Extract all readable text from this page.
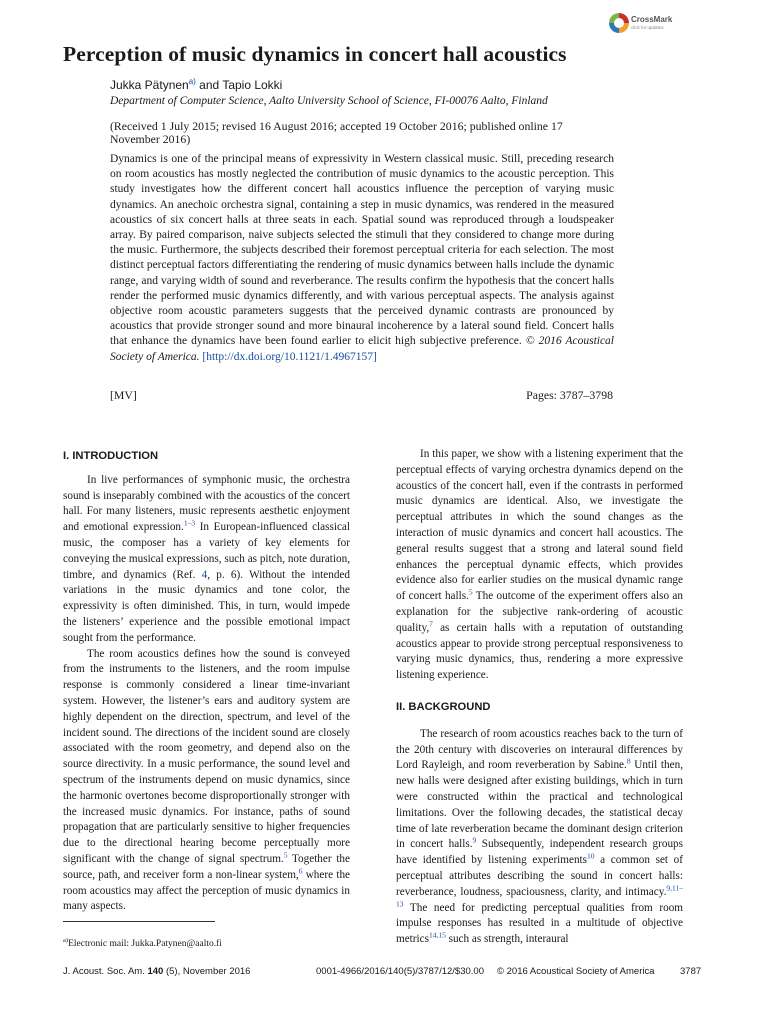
CrossMark
click for updates
Perception of music dynamics in concert hall acoustics
Jukka Pätynen$^{a)}$ and Tapio Lokki
Department of Computer Science, Aalto University School of Science, FI-00076 Aalto, Finland
(Received 1 July 2015; revised 16 August 2016; accepted 19 October 2016; published online 17 November 2016)
Dynamics is one of the principal means of expressivity in Western classical music. Still, preceding research on room acoustics has mostly neglected the contribution of music dynamics to the acoustic perception. This study investigates how the different concert hall acoustics influence the perception of varying music dynamics. An anechoic orchestra signal, containing a step in music dynamics, was rendered in the measured acoustics of six concert halls at three seats in each. Spatial sound was reproduced through a loudspeaker array. By paired comparison, naive subjects selected the stimuli that they considered to change more during the music. Furthermore, the subjects described their foremost perceptual criteria for each selection. The most distinct perceptual factors differentiating the rendering of music dynamics between halls include the dynamic range, and varying width of sound and reverberance. The results confirm the hypothesis that the concert halls render the performed music dynamics differently, and with various perceptual aspects. The analysis against objective room acoustic parameters suggests that the perceived dynamic contrasts are pronounced by acoustics that provide stronger sound and more binaural incoherence by a lateral sound field. Concert halls that enhance the dynamics have been found earlier to elicit high subjective preference. © 2016 Acoustical Society of America. [http://dx.doi.org/10.1121/1.4967157]
[MV]	Pages: 3787–3798
I. INTRODUCTION

In live performances of symphonic music, the orchestra sound is inseparably combined with the acoustics of the concert hall. For many listeners, music represents aesthetic enjoyment and emotional expression.$^{1-3}$ In European-influenced classical music, the composer has a variety of key elements for conveying the musical expressions, such as pitch, note duration, timbre, and dynamics (Ref. 4, p. 6). Without the intended variations in the music dynamics and tone color, the expressivity is often diminished. This, in turn, would impede the listeners’ experience and the possible emotional impact sought from the performance.

The room acoustics defines how the sound is conveyed from the instruments to the listeners, and the room impulse response is commonly considered a linear time-invariant system. However, the listener’s ears and auditory system are highly dependent on the direction, spectrum, and level of the incident sound. The directions of the incident sound are closely associated with the room geometry, and depend also on the source directivity. In a music performance, the sound level and spectrum of the instruments depend on music dynamics, since the harmonic overtones become disproportionally stronger with the increased music dynamics. For instance, paths of sound propagation that are particularly sensitive to higher frequencies due to the directional hearing become perceptually more significant with the change of signal spectrum.$^5$ Together the source, path, and receiver form a non-linear system,$^6$ where the room acoustics may affect the perception of music dynamics in many aspects.

In this paper, we show with a listening experiment that the perceptual effects of varying orchestra dynamics depend on the acoustics of the concert hall, even if the contrasts in performed music dynamics are identical. Also, we investigate the perceptual attributes in which the sound changes as the interaction of music dynamics and concert hall acoustics. The general results suggest that a strong and lateral sound field enhances the perceptual dynamic effects, which provides evidence also for earlier studies on the musical dynamic range of concert halls.$^5$ The outcome of the experiment offers also an explanation for the subjective rank-ordering of acoustic quality,$^7$ as certain halls with a reputation of outstanding acoustics appear to provide strong perceptual responsiveness to varying music dynamics, thus, rendering a more expressive listening experience.

II. BACKGROUND

The research of room acoustics reaches back to the turn of the 20th century with discoveries on interaural differences by Lord Rayleigh, and room reverberation by Sabine.$^8$ Until then, new halls were designed after existing buildings, which in turn were constructed within the practical and technological limitations. Over the following decades, the statistical decay time of late reverberation became the dominant design criterion in concert halls.$^9$ Subsequently, independent research groups have identified by listening experiments$^{10}$ a common set of perceptual attributes describing the sound in concert halls: reverberance, loudness, spaciousness, clarity, and intimacy.$^{9,11-13}$ The need for predicting perceptual qualities from room impulse responses has resulted in a multitude of objective metrics$^{14,15}$ such as strength, interaural

$^{a)}$Electronic mail: Jukka.Patynen@aalto.fi
J. Acoust. Soc. Am. 140 (5), November 2016	0001-4966/2016/140(5)/3787/12/$30.00 © 2016 Acoustical Society of America	3787
